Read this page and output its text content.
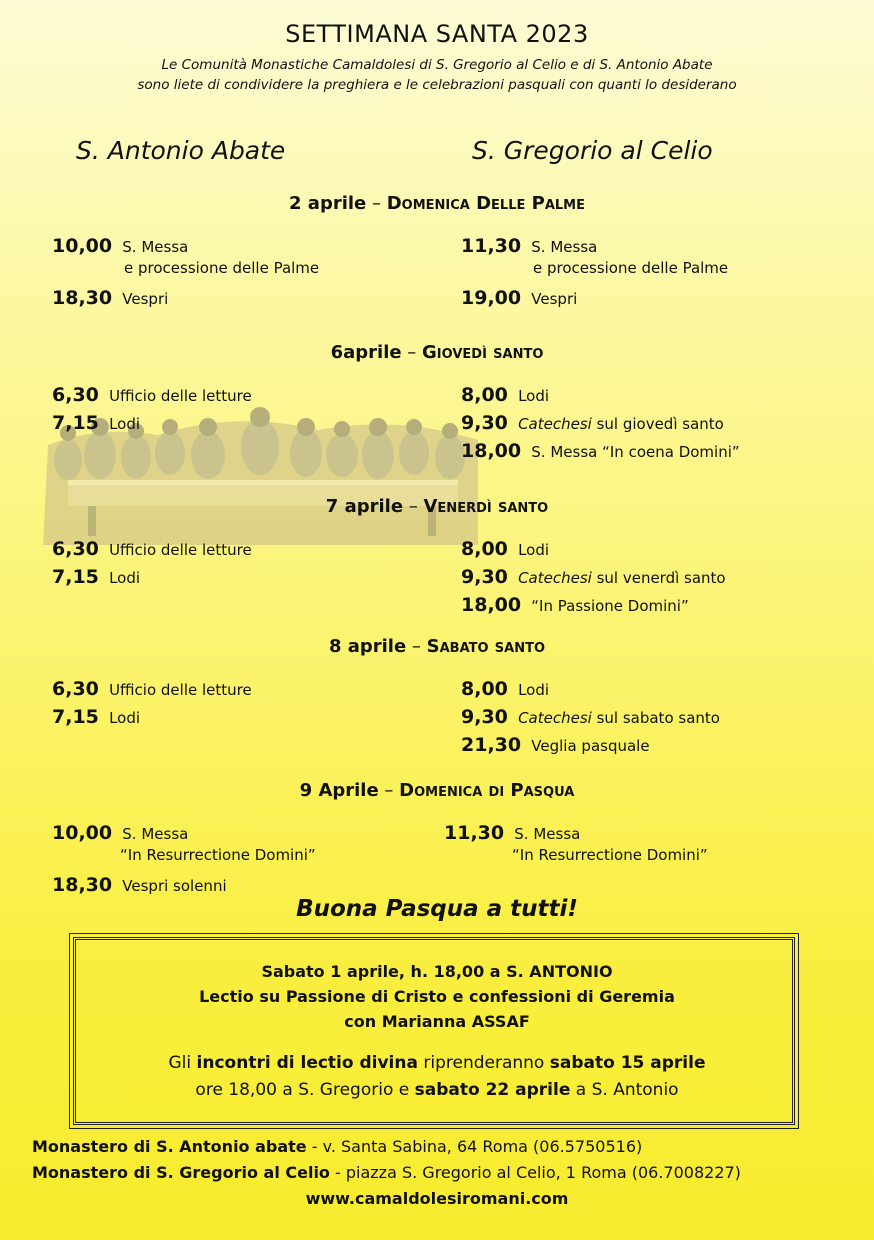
SETTIMANA SANTA 2023
Le Comunità Monastiche Camaldolesi di S. Gregorio al Celio e di S. Antonio Abate
sono liete di condividere la preghiera e le celebrazioni pasquali con quanti lo desiderano
S. Antonio Abate	S. Gregorio al Celio
2 aprile – Domenica Delle Palme
10,00 S. Messa
e processione delle Palme
18,30 Vespri
11,30 S. Messa
e processione delle Palme
19,00 Vespri
6aprile – Giovedì santo
6,30 Ufficio delle letture
7,15 Lodi
8,00 Lodi
9,30 Catechesi sul giovedì santo
18,00 S. Messa “In coena Domini”
7 aprile – Venerdì santo
6,30 Ufficio delle letture
7,15 Lodi
8,00 Lodi
9,30 Catechesi sul venerdì santo
18,00 “In Passione Domini”
8 aprile – Sabato santo
6,30 Ufficio delle letture
7,15 Lodi
8,00 Lodi
9,30 Catechesi sul sabato santo
21,30 Veglia pasquale
9 Aprile – Domenica di Pasqua
10,00 S. Messa
“In Resurrectione Domini”
18,30 Vespri solenni
11,30 S. Messa
“In Resurrectione Domini”
Buona Pasqua a tutti!
Sabato 1 aprile, h. 18,00 a S. ANTONIO
Lectio su Passione di Cristo e confessioni di Geremia
con Marianna ASSAF
Gli incontri di lectio divina riprenderanno sabato 15 aprile
ore 18,00 a S. Gregorio e sabato 22 aprile a S. Antonio
Monastero di S. Antonio abate - v. Santa Sabina, 64 Roma (06.5750516)
Monastero di S. Gregorio al Celio - piazza S. Gregorio al Celio, 1 Roma (06.7008227)
www.camaldolesiromani.com
